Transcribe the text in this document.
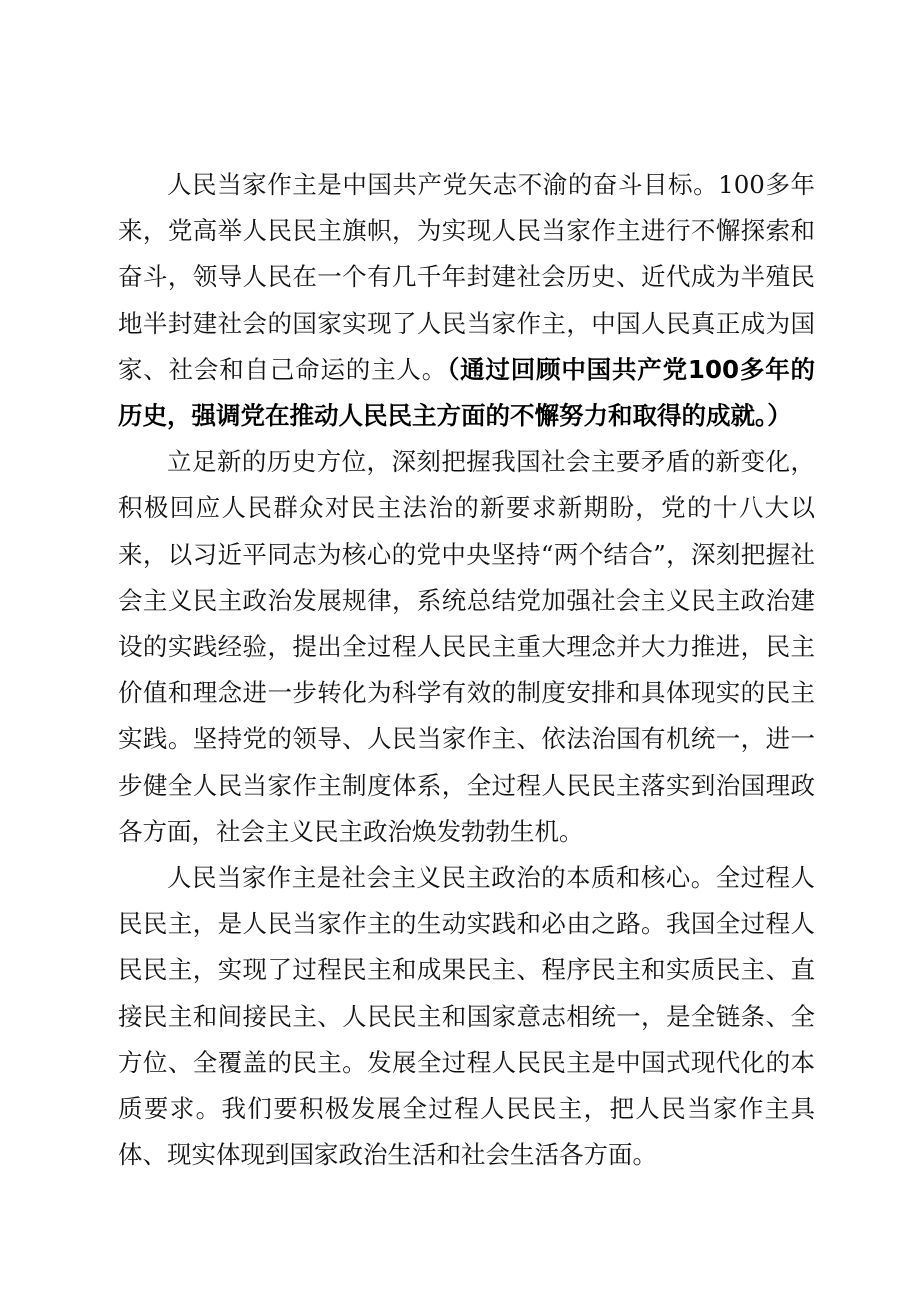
人民当家作主是中国共产党矢志不渝的奋斗目标。100多年来，党高举人民民主旗帜，为实现人民当家作主进行不懈探索和奋斗，领导人民在一个有几千年封建社会历史、近代成为半殖民地半封建社会的国家实现了人民当家作主，中国人民真正成为国家、社会和自己命运的主人。（通过回顾中国共产党100多年的历史，强调党在推动人民民主方面的不懈努力和取得的成就。）

立足新的历史方位，深刻把握我国社会主要矛盾的新变化，积极回应人民群众对民主法治的新要求新期盼，党的十八大以来，以习近平同志为核心的党中央坚持“两个结合”，深刻把握社会主义民主政治发展规律，系统总结党加强社会主义民主政治建设的实践经验，提出全过程人民民主重大理念并大力推进，民主价值和理念进一步转化为科学有效的制度安排和具体现实的民主实践。坚持党的领导、人民当家作主、依法治国有机统一，进一步健全人民当家作主制度体系，全过程人民民主落实到治国理政各方面，社会主义民主政治焕发勃勃生机。

人民当家作主是社会主义民主政治的本质和核心。全过程人民民主，是人民当家作主的生动实践和必由之路。我国全过程人民民主，实现了过程民主和成果民主、程序民主和实质民主、直接民主和间接民主、人民民主和国家意志相统一，是全链条、全方位、全覆盖的民主。发展全过程人民民主是中国式现代化的本质要求。我们要积极发展全过程人民民主，把人民当家作主具体、现实体现到国家政治生活和社会生活各方面。
